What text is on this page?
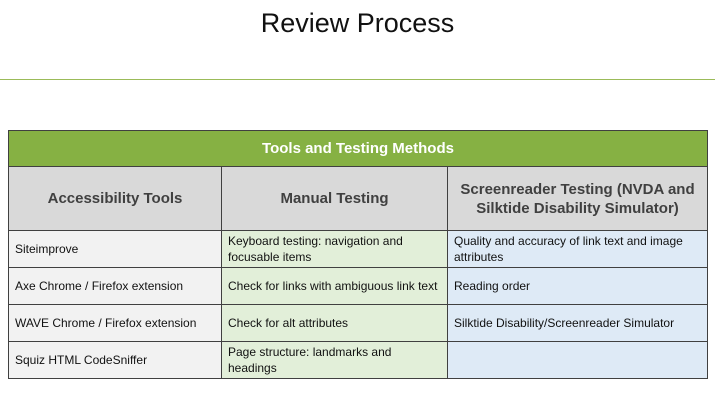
Review Process
Tools and Testing Methods		
Accessibility Tools	Manual Testing	Screenreader Testing (NVDA and Silktide Disability Simulator)
Siteimprove	Keyboard testing: navigation and focusable items	Quality and accuracy of link text and image attributes
Axe Chrome / Firefox extension	Check for links with ambiguous link text	Reading order
WAVE Chrome / Firefox extension	Check for alt attributes	Silktide Disability/Screenreader Simulator
Squiz HTML CodeSniffer	Page structure: landmarks and headings	
